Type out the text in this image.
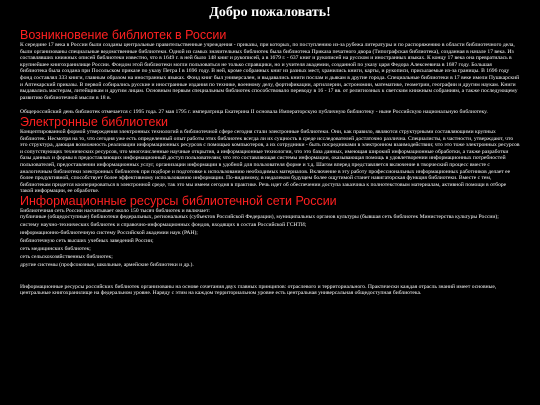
Добро пожаловать!
Возникновение библиотек в России

К середине 17 века в России были созданы центральные правительственные учреждения - приказы, при которых, по поступлению из-за рубежа литературы и по распоряжению в области библиотечного дела, были организованы специальные ведомственные библиотеки. Одной из самых значительных библиотек была библиотека Приказа печатного двора (Типографская библиотека), созданная в начале 17 века. Из составлявших книжных описей библиотеки известно, что в 1649 г. в ней было 148 книг и рукописей, а в 1679 г. - 637 книг и рукописей на русском и иностранных языках. К концу 17 века она превратилась в крупнейшее книгохранилище России. Фондом этой библиотеки могли пользоваться не только справщики, но и учителя академии, созданной по указу царя Федора Алексеевича в 1687 году. Большая библиотека была создана при Посольском приказе по указу Петра I в 1696 году. В ней, кроме собранных книг из разных мест, хранились книги, карты, и рукописи, присылаемые из-за границы. В 1696 году фонд составлял 333 книги, главным образом на иностранных языках. Фонд книг был универсален, и выдавались книги послам и дьякам в другие города. Специальные библиотеки в 17 веке имели Пушкарский и Аптекарский приказы. В первой собирались русские и иностранные издания по технике, военному делу, фортификации, артиллерии, астрономии, математике, геометрии, географии и другим наукам. Книги выдавались мастерам, литейщикам и другим лицам. Основным первым специальным библиотек способствовало переводу в 16 - 17 вв. от религиозных к светским книжным собраниям, а также последующему развитию библиотечной мысли в 18 в.

Общероссийский день библиотек отмечается с 1995 года. 27 мая 1795 г. императрица Екатерина II основала Императорскую публичную библиотеку - ныне Российскую национальную библиотеку.

Электронные библиотеки

Концептированной формой утверждения электронных технологий в библиотечной сфере сегодня стали электронные библиотеки. Они, как правило, являются структурными составляющими крупных библиотек. Несмотря на то, что сегодня уже есть определенный опыт работы этих библиотек всегда ли их сущность в среде исследователей достаточно различна. Специалисты, в частности, утверждают, что это структура, дающая возможность реализации информационных ресурсов с помощью компьютеров, а их сотрудники - быть посредниками в электронном взаимодействии; что это тоже электронных ресурсов и сопутствующих технических ресурсов, что многочисленные научные открытия, а информационные технологии, что это база данных, имеющая широкий информационные обработки, а также разработки базы данных и формы в предоставляющих информационный доступ пользователям; что это составляющая системы информации, оказывающая помощь в удовлетворении информационных потребностей пользователей, предоставлении информационных услуг, организации информации в удобной для пользователя форме и т.д. Шагом вперед представляется включение в творческий процесс вместе с аналогичным библиотеки электронных библиотек при подборе и подготовке к использованию необходимых материалов. Включение в эту работу профессиональных информационных работников делает ее более продуктивной, способствует более эффективному использованию информации. По-видимому, в недалеком будущем более ощутимой станет навигаторская функция библиотеки. Вместе с тем, библиотекам придется кооперироваться в электронной среде, так это мы имеем сегодня в практике. Речь идет об обеспечении доступа заказчика к полнотекстовым материалам, активной помощи в отборе такой информации, ее обработке.

Информационные ресурсы библиотечной сети России

Библиотечная сеть России насчитывает около 150 тысяч библиотек и включает:

публичные (общедоступные) библиотеки федеральных, региональных (субъектов Российской Федерации), муниципальных органов культуры (бывшая сеть библиотек Министерства культуры России);
систему научно-технических библиотек и справочно-информационных фондов, входящих в состав Российской ГСНТИ;
информационно-библиотечную систему Российской академии наук (РАН);
библиотечную сеть высших учебных заведений России;
сеть медицинских библиотек;
сеть сельскохозяйственных библиотек;
другие системы (профсоюзные, школьные, армейские библиотеки и др.).

Информационные ресурсы российских библиотек организованы на основе сочетания двух главных принципов: отраслевого и территориального. Практически каждая отрасль знаний имеет основные, центральные книгохранилище на федеральном уровне. Наряду с этим на каждом территориальном уровне есть центральная универсальная общедоступная библиотека.
